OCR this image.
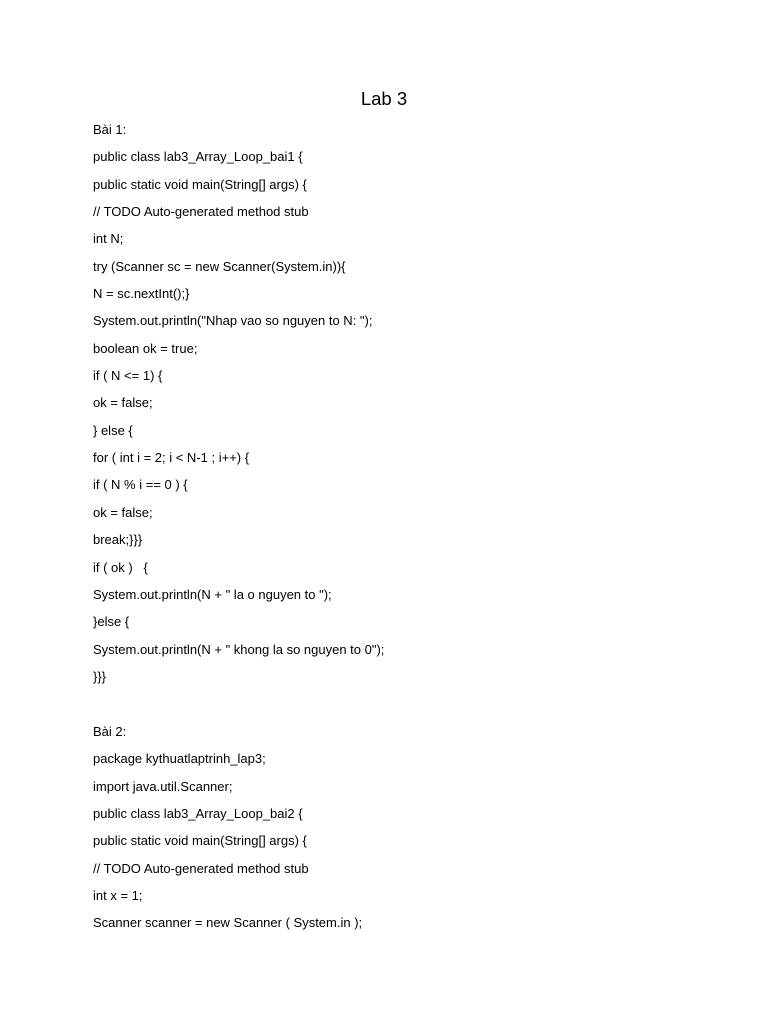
Lab 3

Bài 1:

public class lab3_Array_Loop_bai1 {

public static void main(String[] args) {

// TODO Auto-generated method stub

int N;

try (Scanner sc = new Scanner(System.in)){

N = sc.nextInt();}

System.out.println("Nhap vao so nguyen to N: ");

boolean ok = true;

if ( N <= 1) {

ok = false;

} else {

for ( int i = 2; i < N-1 ; i++) {

if ( N % i == 0 ) {

ok = false;

break;}}}

if ( ok )   {

System.out.println(N + " la o nguyen to ");

}else {

System.out.println(N + " khong la so nguyen to 0");

}}}

Bài 2:

package kythuatlaptrinh_lap3;

import java.util.Scanner;

public class lab3_Array_Loop_bai2 {

public static void main(String[] args) {

// TODO Auto-generated method stub

int x = 1;

Scanner scanner = new Scanner ( System.in );
